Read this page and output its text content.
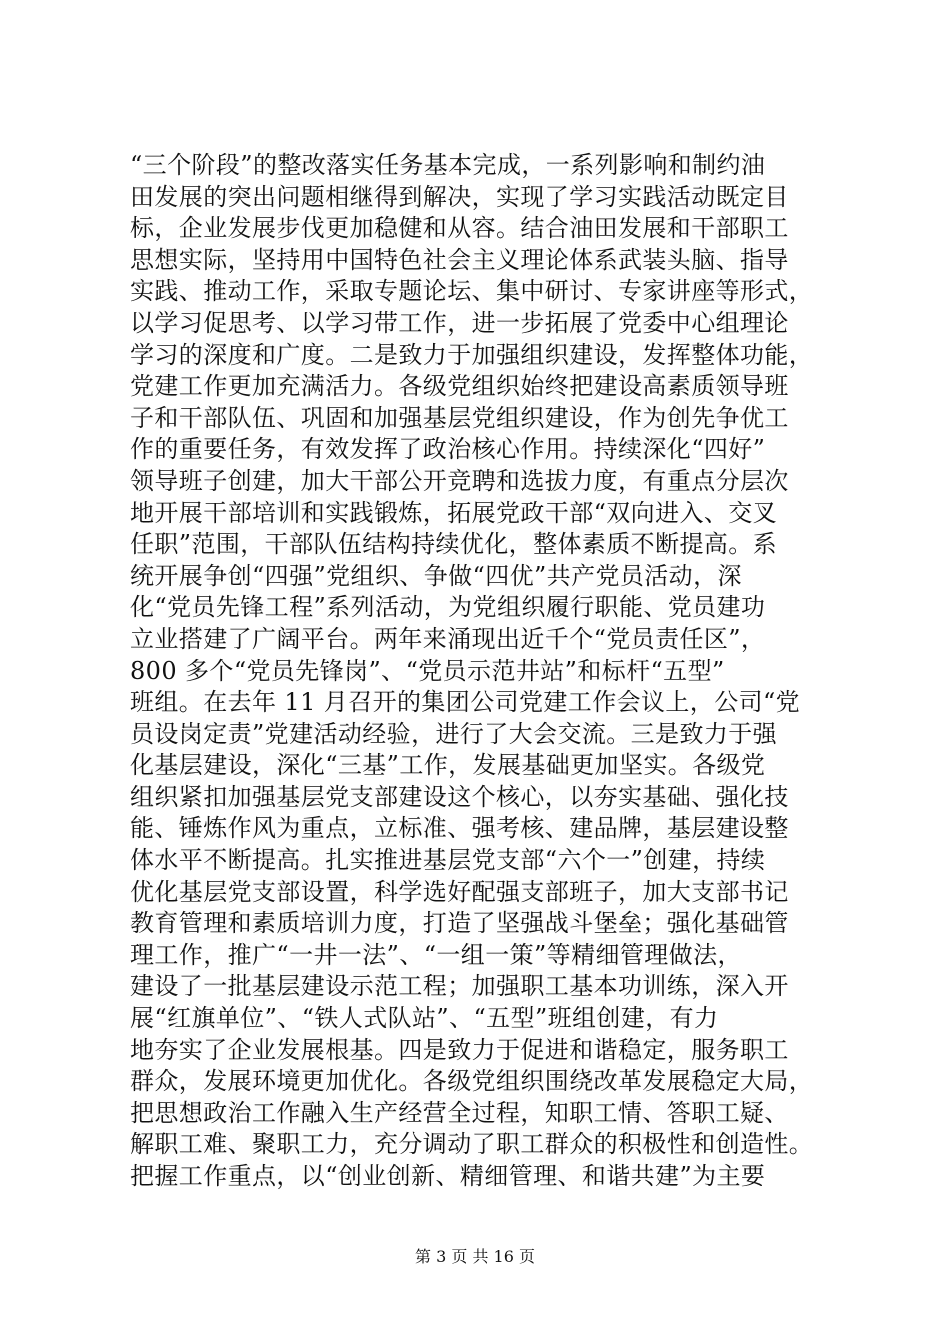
“三个阶段”的整改落实任务基本完成，一系列影响和制约油
田发展的突出问题相继得到解决，实现了学习实践活动既定目
标，企业发展步伐更加稳健和从容。结合油田发展和干部职工
思想实际，坚持用中国特色社会主义理论体系武装头脑、指导
实践、推动工作，采取专题论坛、集中研讨、专家讲座等形式，
以学习促思考、以学习带工作，进一步拓展了党委中心组理论
学习的深度和广度。二是致力于加强组织建设，发挥整体功能，
党建工作更加充满活力。各级党组织始终把建设高素质领导班
子和干部队伍、巩固和加强基层党组织建设，作为创先争优工
作的重要任务，有效发挥了政治核心作用。持续深化“四好”
领导班子创建，加大干部公开竞聘和选拔力度，有重点分层次
地开展干部培训和实践锻炼，拓展党政干部“双向进入、交叉
任职”范围，干部队伍结构持续优化，整体素质不断提高。系
统开展争创“四强”党组织、争做“四优”共产党员活动，深
化“党员先锋工程”系列活动，为党组织履行职能、党员建功
立业搭建了广阔平台。两年来涌现出近千个“党员责任区”，
800 多个“党员先锋岗”、“党员示范井站”和标杆“五型”
班组。在去年 11 月召开的集团公司党建工作会议上，公司“党
员设岗定责”党建活动经验，进行了大会交流。三是致力于强
化基层建设，深化“三基”工作，发展基础更加坚实。各级党
组织紧扣加强基层党支部建设这个核心，以夯实基础、强化技
能、锤炼作风为重点，立标准、强考核、建品牌，基层建设整
体水平不断提高。扎实推进基层党支部“六个一”创建，持续
优化基层党支部设置，科学选好配强支部班子，加大支部书记
教育管理和素质培训力度，打造了坚强战斗堡垒；强化基础管
理工作，推广“一井一法”、“一组一策”等精细管理做法，
建设了一批基层建设示范工程；加强职工基本功训练，深入开
展“红旗单位”、“铁人式队站”、“五型”班组创建，有力
地夯实了企业发展根基。四是致力于促进和谐稳定，服务职工
群众，发展环境更加优化。各级党组织围绕改革发展稳定大局，
把思想政治工作融入生产经营全过程，知职工情、答职工疑、
解职工难、聚职工力，充分调动了职工群众的积极性和创造性。
把握工作重点，以“创业创新、精细管理、和谐共建”为主要
第 3 页 共 16 页
